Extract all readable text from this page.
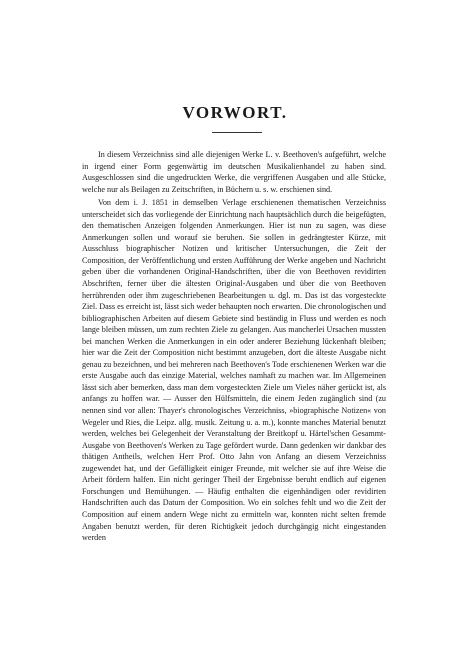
VORWORT.

In diesem Verzeichniss sind alle diejenigen Werke L. v. Beethoven's aufgeführt, welche in irgend einer Form gegenwärtig im deutschen Musikalienhandel zu haben sind. Ausgeschlossen sind die ungedruckten Werke, die vergriffenen Ausgaben und alle Stücke, welche nur als Beilagen zu Zeitschriften, in Büchern u. s. w. erschienen sind.

Von dem i. J. 1851 in demselben Verlage erschienenen thematischen Verzeichniss unterscheidet sich das vorliegende der Einrichtung nach hauptsächlich durch die beigefügten, den thematischen Anzeigen folgenden Anmerkungen. Hier ist nun zu sagen, was diese Anmerkungen sollen und worauf sie beruhen. Sie sollen in gedrängtester Kürze, mit Ausschluss biographischer Notizen und kritischer Untersuchungen, die Zeit der Composition, der Veröffentlichung und ersten Aufführung der Werke angeben und Nachricht geben über die vorhandenen Original-Handschriften, über die von Beethoven revidirten Abschriften, ferner über die ältesten Original-Ausgaben und über die von Beethoven herrührenden oder ihm zugeschriebenen Bearbeitungen u. dgl. m. Das ist das vorgesteckte Ziel. Dass es erreicht ist, lässt sich weder behaupten noch erwarten. Die chronologischen und bibliographischen Arbeiten auf diesem Gebiete sind beständig in Fluss und werden es noch lange bleiben müssen, um zum rechten Ziele zu gelangen. Aus mancherlei Ursachen mussten bei manchen Werken die Anmerkungen in ein oder anderer Beziehung lückenhaft bleiben; hier war die Zeit der Composition nicht bestimmt anzugeben, dort die älteste Ausgabe nicht genau zu bezeichnen, und bei mehreren nach Beethoven's Tode erschienenen Werken war die erste Ausgabe auch das einzige Material, welches namhaft zu machen war. Im Allgemeinen lässt sich aber bemerken, dass man dem vorgesteckten Ziele um Vieles näher gerückt ist, als anfangs zu hoffen war. — Ausser den Hülfsmitteln, die einem Jeden zugänglich sind (zu nennen sind vor allen: Thayer's chronologisches Verzeichniss, »biographische Notizen« von Wegeler und Ries, die Leipz. allg. musik. Zeitung u. a. m.), konnte manches Material benutzt werden, welches bei Gelegenheit der Veranstaltung der Breitkopf u. Härtel'schen Gesammt-Ausgabe von Beethoven's Werken zu Tage gefördert wurde. Dann gedenken wir dankbar des thätigen Antheils, welchen Herr Prof. Otto Jahn von Anfang an diesem Verzeichniss zugewendet hat, und der Gefälligkeit einiger Freunde, mit welcher sie auf ihre Weise die Arbeit fördern halfen. Ein nicht geringer Theil der Ergebnisse beruht endlich auf eigenen Forschungen und Bemühungen. — Häufig enthalten die eigenhändigen oder revidirten Handschriften auch das Datum der Composition. Wo ein solches fehlt und wo die Zeit der Composition auf einem andern Wege nicht zu ermitteln war, konnten nicht selten fremde Angaben benutzt werden, für deren Richtigkeit jedoch durchgängig nicht eingestanden werden
